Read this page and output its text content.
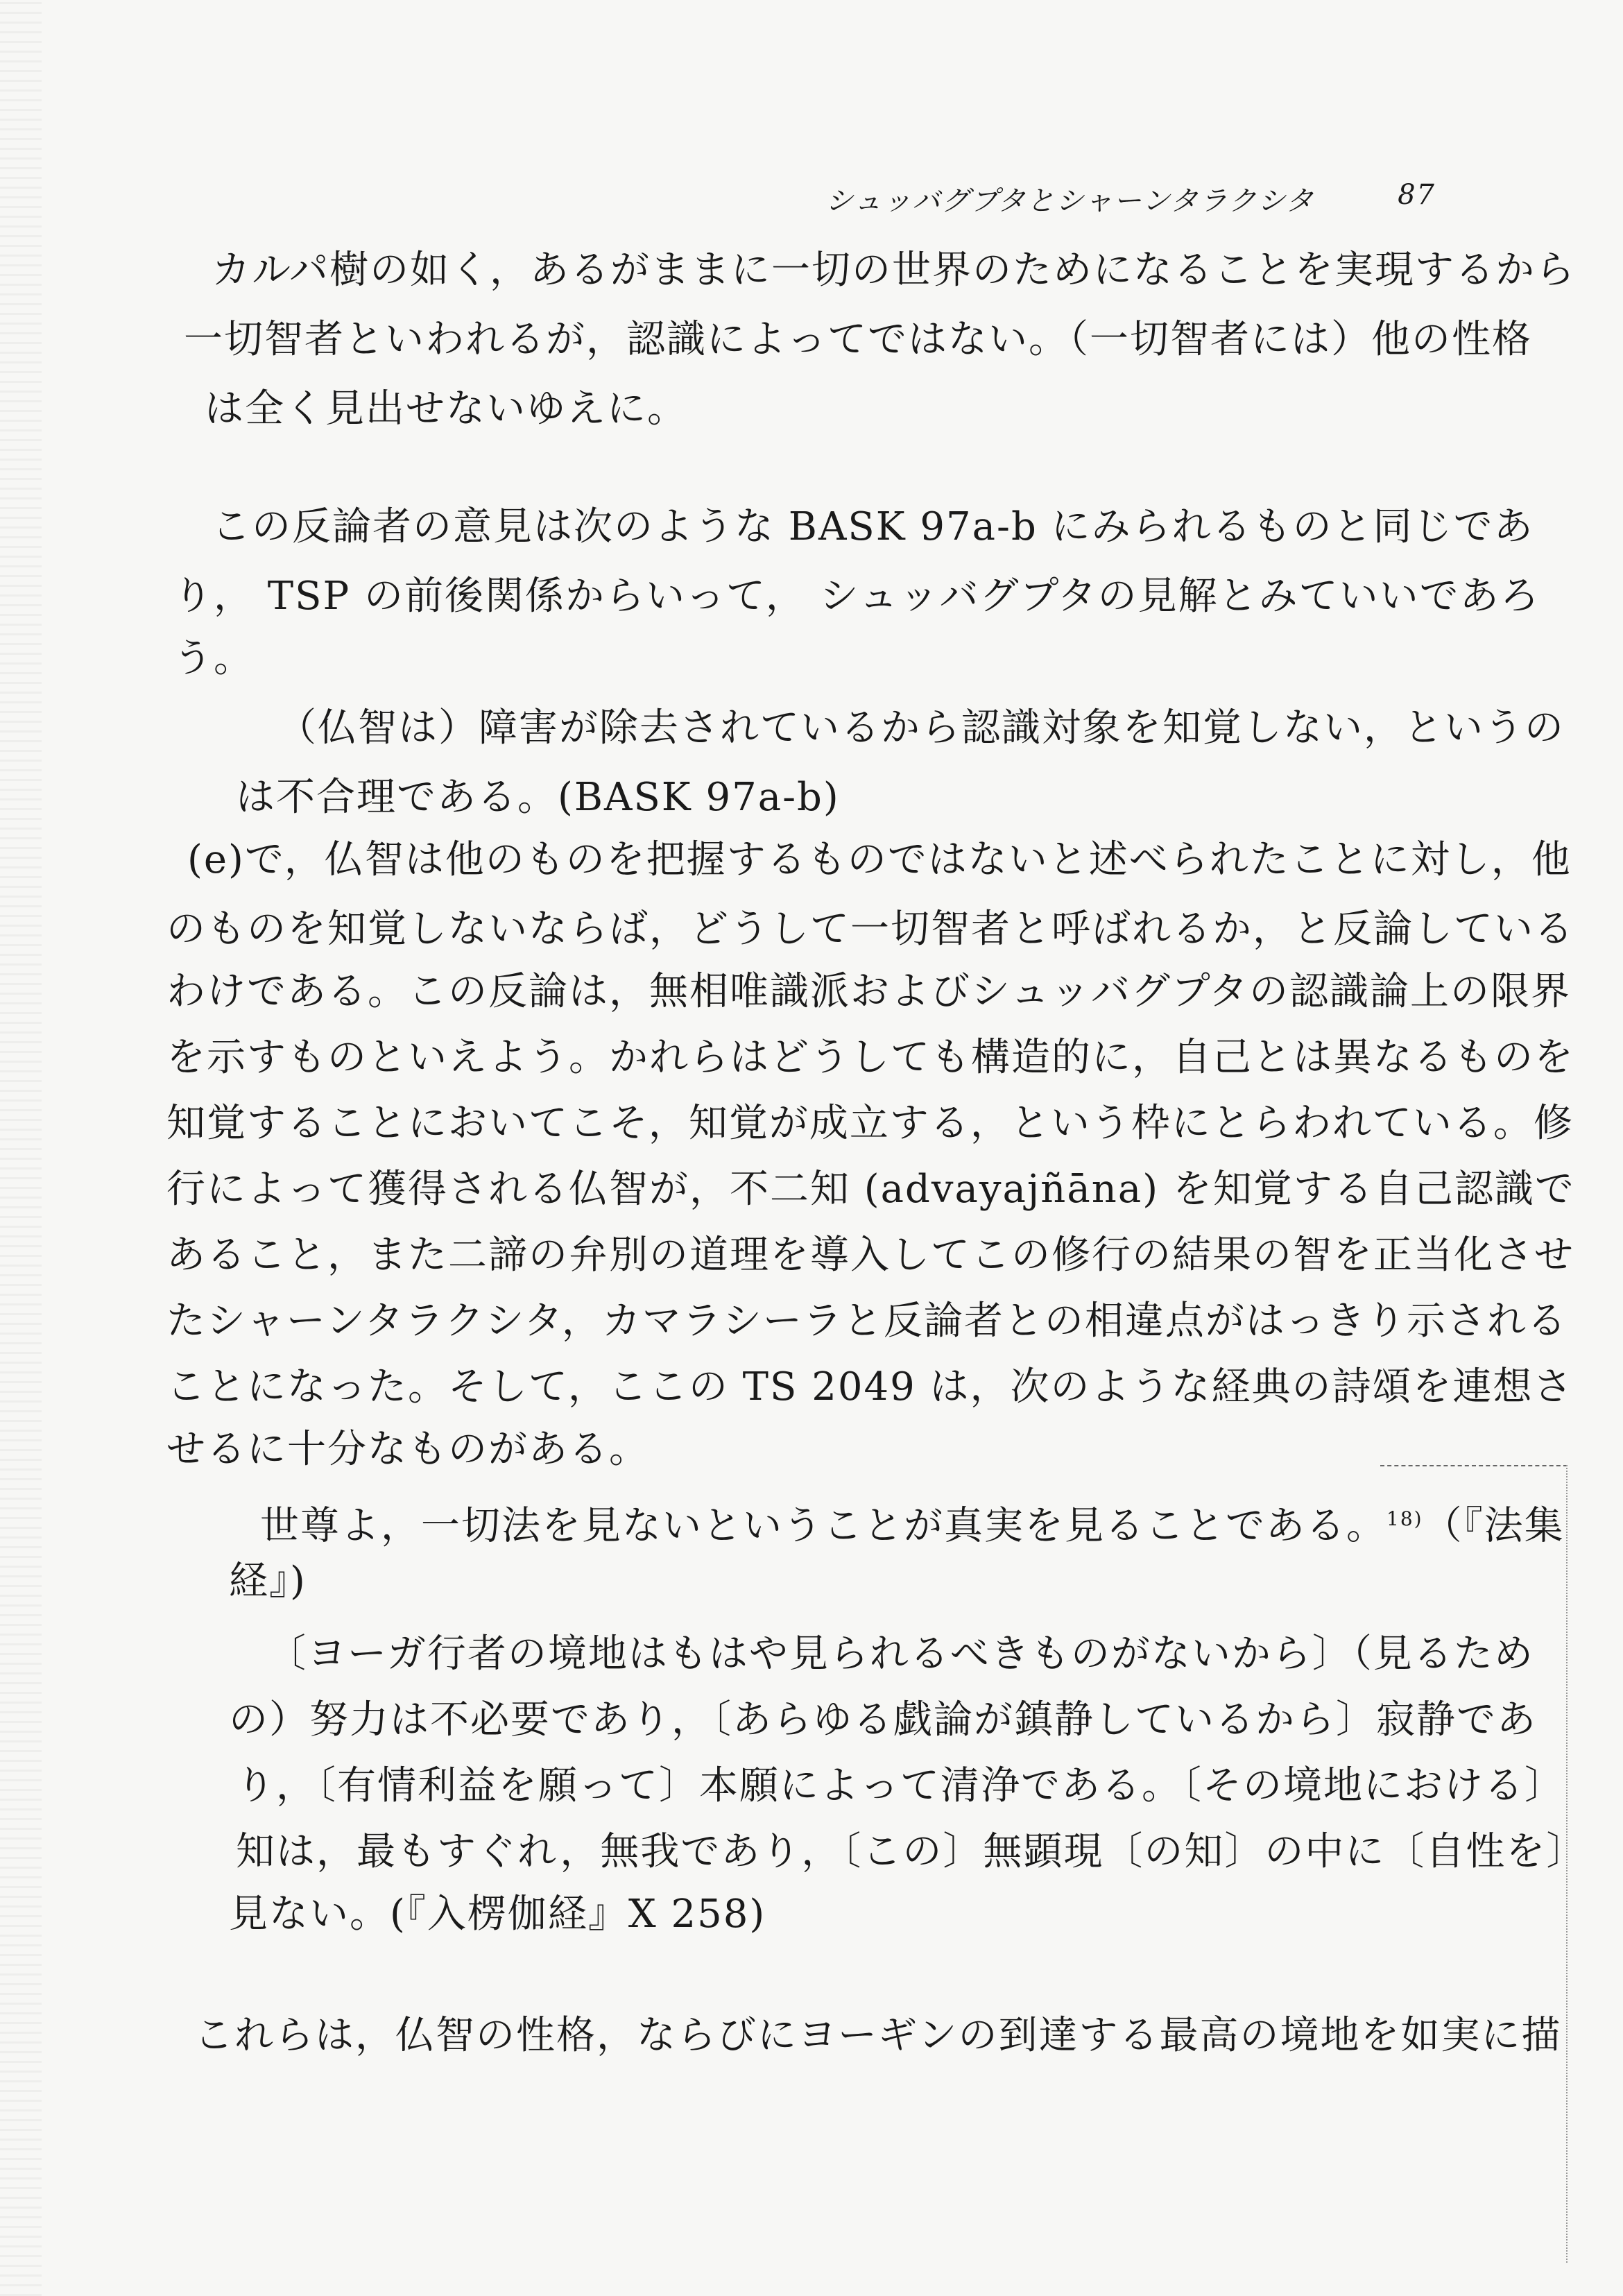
シュッバグプタとシャーンタラクシタ	87
カルパ樹の如く，あるがままに一切の世界のためになることを実現するから
一切智者といわれるが，認識によってではない。（一切智者には）他の性格
は全く見出せないゆえに。
この反論者の意見は次のような BASK 97a-b にみられるものと同じであ
り， TSP の前後関係からいって， シュッバグプタの見解とみていいであろ
う。
（仏智は）障害が除去されているから認識対象を知覚しない，というの
は不合理である。(BASK 97a-b)
(e)で，仏智は他のものを把握するものではないと述べられたことに対し，他
のものを知覚しないならば，どうして一切智者と呼ばれるか，と反論している
わけである。この反論は，無相唯識派およびシュッバグプタの認識論上の限界
を示すものといえよう。かれらはどうしても構造的に，自己とは異なるものを
知覚することにおいてこそ，知覚が成立する，という枠にとらわれている。修
行によって獲得される仏智が，不二知 (advayajñāna) を知覚する自己認識で
あること，また二諦の弁別の道理を導入してこの修行の結果の智を正当化させ
たシャーンタラクシタ，カマラシーラと反論者との相違点がはっきり示される
ことになった。そして，ここの TS 2049 は，次のような経典の詩頌を連想さ
せるに十分なものがある。
世尊よ，一切法を見ないということが真実を見ることである。$^{18)}$（『法集
経』)
〔ヨーガ行者の境地はもはや見られるべきものがないから〕（見るため
の）努力は不必要であり，〔あらゆる戯論が鎮静しているから〕寂静であ
り，〔有情利益を願って〕本願によって清浄である。〔その境地における〕
知は，最もすぐれ，無我であり，〔この〕無顕現〔の知〕の中に〔自性を〕
見ない。(『入楞伽経』X 258)
これらは，仏智の性格，ならびにヨーギンの到達する最高の境地を如実に描
